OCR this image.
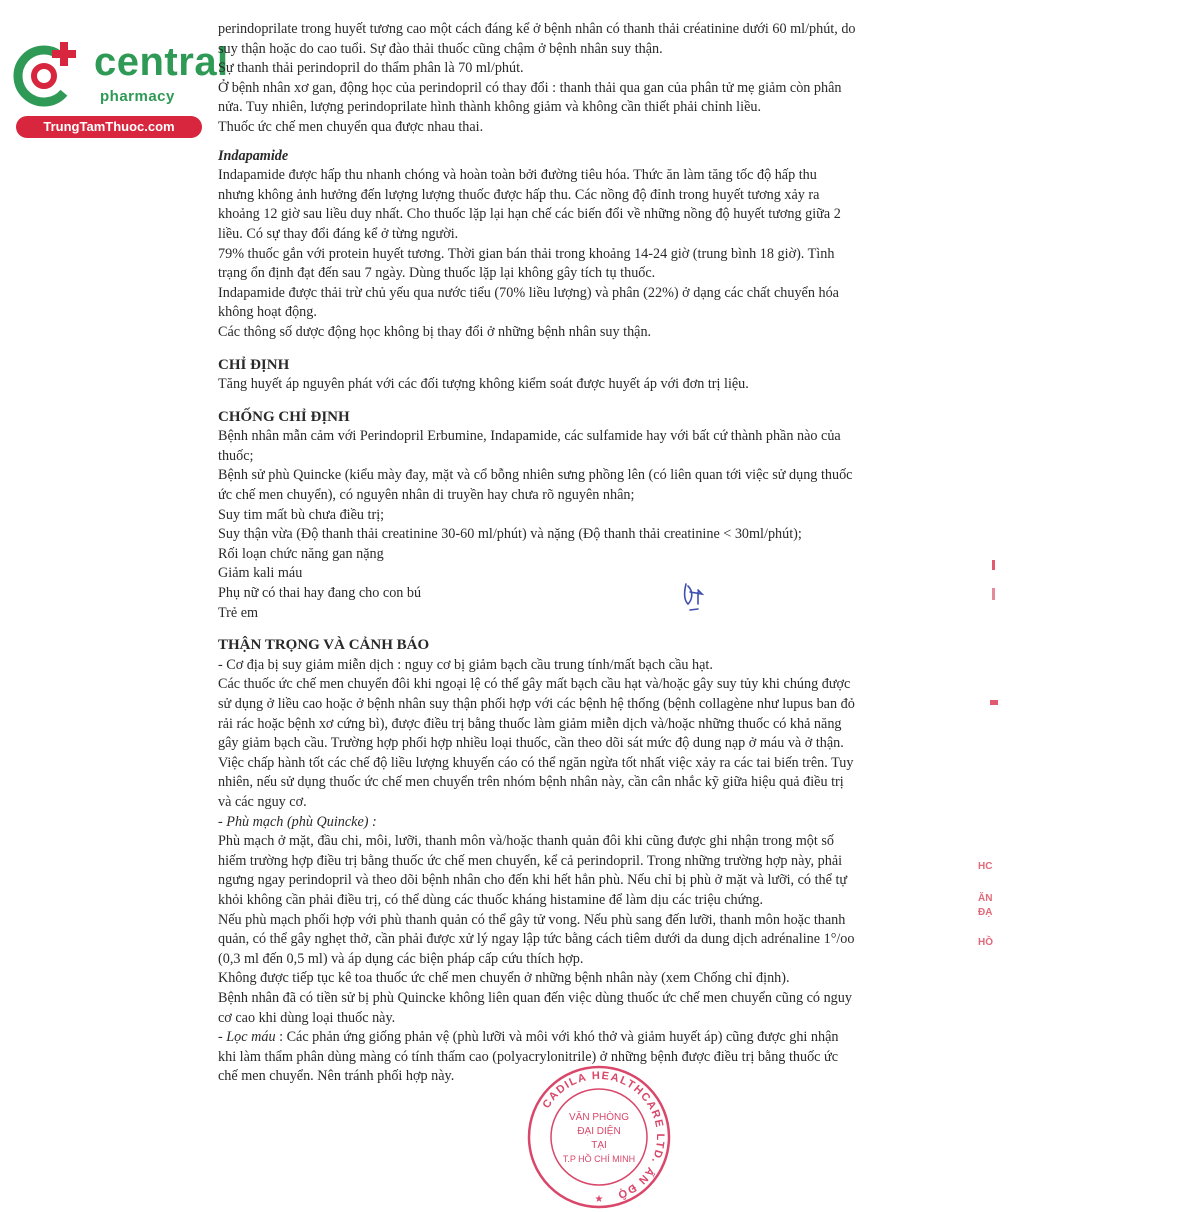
central
pharmacy
TrungTamThuoc.com

perindoprilate trong huyết tương cao một cách đáng kể ở bệnh nhân có thanh thải créatinine dưới 60 ml/phút, do

suy thận hoặc do cao tuổi. Sự đào thải thuốc cũng chậm ở bệnh nhân suy thận.

Sự thanh thải perindopril do thẩm phân là 70 ml/phút.

Ở bệnh nhân xơ gan, động học của perindopril có thay đổi : thanh thải qua gan của phân tử mẹ giảm còn phân

nửa. Tuy nhiên, lượng perindoprilate hình thành không giảm và không cần thiết phải chỉnh liều.

Thuốc ức chế men chuyển qua được nhau thai.

Indapamide

Indapamide được hấp thu nhanh chóng và hoàn toàn bởi đường tiêu hóa. Thức ăn làm tăng tốc độ hấp thu

nhưng không ảnh hưởng đến lượng lượng thuốc được hấp thu. Các nồng độ đỉnh trong huyết tương xảy ra

khoảng 12 giờ sau liều duy nhất. Cho thuốc lặp lại hạn chế các biến đổi về những nồng độ huyết tương giữa 2

liều. Có sự thay đổi đáng kể ở từng người.

79% thuốc gắn với protein huyết tương. Thời gian bán thải trong khoảng 14-24 giờ (trung bình 18 giờ). Tình

trạng ổn định đạt đến sau 7 ngày. Dùng thuốc lặp lại không gây tích tụ thuốc.

Indapamide được thải trừ chủ yếu qua nước tiểu (70% liều lượng) và phân (22%) ở dạng các chất chuyển hóa

không hoạt động.

Các thông số dược động học không bị thay đổi ở những bệnh nhân suy thận.

CHỈ ĐỊNH

Tăng huyết áp nguyên phát với các đối tượng không kiểm soát được huyết áp với đơn trị liệu.

CHỐNG CHỈ ĐỊNH

Bệnh nhân mẫn cảm với Perindopril Erbumine, Indapamide, các sulfamide hay với bất cứ thành phần nào của

thuốc;

Bệnh sử phù Quincke (kiểu mày đay, mặt và cổ bỗng nhiên sưng phồng lên (có liên quan tới việc sử dụng thuốc

ức chế men chuyển), có nguyên nhân di truyền hay chưa rõ nguyên nhân;

Suy tim mất bù chưa điều trị;

Suy thận vừa (Độ thanh thải creatinine 30-60 ml/phút) và nặng (Độ thanh thải creatinine < 30ml/phút);

Rối loạn chức năng gan nặng

Giảm kali máu

Phụ nữ có thai hay đang cho con bú

Trẻ em

THẬN TRỌNG VÀ CẢNH BÁO

- Cơ địa bị suy giảm miễn dịch : nguy cơ bị giảm bạch cầu trung tính/mất bạch cầu hạt.

Các thuốc ức chế men chuyển đôi khi ngoại lệ có thể gây mất bạch cầu hạt và/hoặc gây suy tủy khi chúng được

sử dụng ở liều cao hoặc ở bệnh nhân suy thận phối hợp với các bệnh hệ thống (bệnh collagène như lupus ban đỏ

rải rác hoặc bệnh xơ cứng bì), được điều trị bằng thuốc làm giảm miễn dịch và/hoặc những thuốc có khả năng

gây giảm bạch cầu. Trường hợp phối hợp nhiều loại thuốc, cần theo dõi sát mức độ dung nạp ở máu và ở thận.

Việc chấp hành tốt các chế độ liều lượng khuyến cáo có thể ngăn ngừa tốt nhất việc xảy ra các tai biến trên. Tuy

nhiên, nếu sử dụng thuốc ức chế men chuyển trên nhóm bệnh nhân này, cần cân nhắc kỹ giữa hiệu quả điều trị

và các nguy cơ.

- Phù mạch (phù Quincke) :

Phù mạch ở mặt, đầu chi, môi, lưỡi, thanh môn và/hoặc thanh quản đôi khi cũng được ghi nhận trong một số

hiếm trường hợp điều trị bằng thuốc ức chế men chuyển, kể cả perindopril. Trong những trường hợp này, phải

ngưng ngay perindopril và theo dõi bệnh nhân cho đến khi hết hẳn phù. Nếu chỉ bị phù ở mặt và lưỡi, có thể tự

khỏi không cần phải điều trị, có thể dùng các thuốc kháng histamine để làm dịu các triệu chứng.

Nếu phù mạch phối hợp với phù thanh quản có thể gây tử vong. Nếu phù sang đến lưỡi, thanh môn hoặc thanh

quản, có thể gây nghẹt thở, cần phải được xử lý ngay lập tức bằng cách tiêm dưới da dung dịch adrénaline 1°/oo

(0,3 ml đến 0,5 ml) và áp dụng các biện pháp cấp cứu thích hợp.

Không được tiếp tục kê toa thuốc ức chế men chuyển ở những bệnh nhân này (xem Chống chỉ định).

Bệnh nhân đã có tiền sử bị phù Quincke không liên quan đến việc dùng thuốc ức chế men chuyển cũng có nguy

cơ cao khi dùng loại thuốc này.

- Lọc máu : Các phản ứng giống phản vệ (phù lưỡi và môi với khó thở và giảm huyết áp) cũng được ghi nhận

khi làm thẩm phân dùng màng có tính thấm cao (polyacrylonitrile) ở những bệnh được điều trị bằng thuốc ức

chế men chuyển. Nên tránh phối hợp này.

HC
ĂN
ĐẠ
HỒ
CADILA HEALTHCARE LTD. ẤN ĐỘ
VĂN PHÒNG
ĐẠI DIỆN
TẠI
T.P HỒ CHÍ MINH
★
